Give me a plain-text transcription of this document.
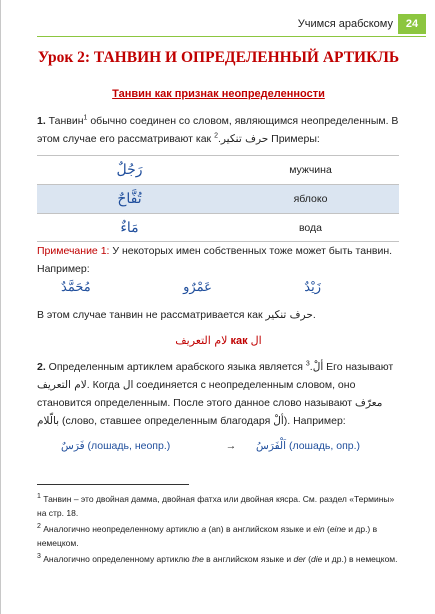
Учимся арабскому	24
Урок 2: ТАНВИН И ОПРЕДЕЛЕННЫЙ АРТИКЛЬ
Танвин как признак неопределенности
1. Танвин$^1$ обычно соединен со словом, являющимся неопределенным. В этом случае его рассматривают как حرف تنكير.$^2$	Примеры:
رَجُلٌ	мужчина
تُفَّاحٌ	яблоко
مَاءٌ	вода
Примечание 1: У некоторых имен собственных тоже может быть танвин. Например:
زَيْدٌ
عَمْرٌو
مُحَمَّدٌ
В этом случае танвин не рассматривается как حرف تنكير.
لام التعريف как ال
2. Определенным артиклем арабского языка является ألْ.$^3$ Его называют لام التعريف. Когда ال соединяется с неопределенным словом, оно становится определенным. После этого данное слово называют معرّف بالّلام (слово, ставшее определенным благодаря ألْ). Например:
فَرَسٌ (лошадь, неопр.)	→	اَلْفَرَسُ (лошадь, опр.)
$^1$ Танвин – это двойная дамма, двойная фатха или двойная кясра. См. раздел «Термины» на стр. 18.
$^2$ Аналогично неопределенному артиклю a (an) в английском языке и ein (eine и др.) в немецком.
$^3$ Аналогично определенному артиклю the в английском языке и der (die и др.) в немецком.
